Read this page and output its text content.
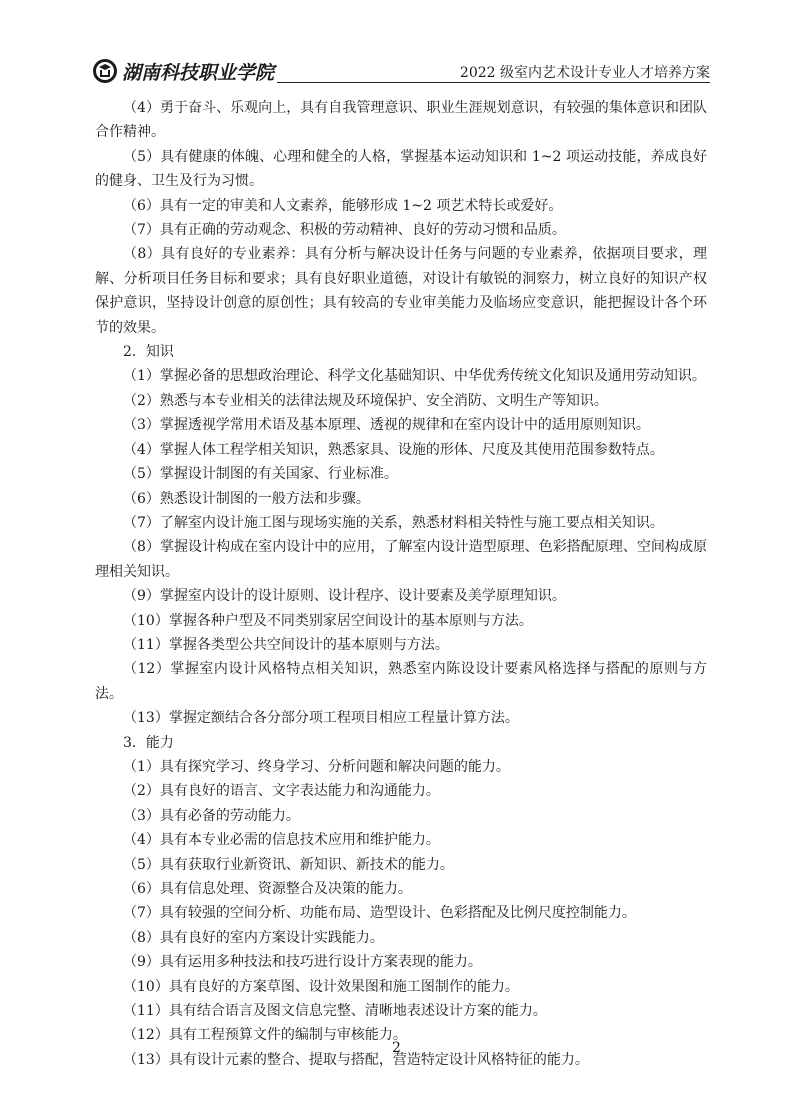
湖南科技职业学院	2022 级室内艺术设计专业人才培养方案

（4）勇于奋斗、乐观向上，具有自我管理意识、职业生涯规划意识，有较强的集体意识和团队合作精神。

（5）具有健康的体魄、心理和健全的人格，掌握基本运动知识和 1~2 项运动技能，养成良好的健身、卫生及行为习惯。

（6）具有一定的审美和人文素养，能够形成 1~2 项艺术特长或爱好。

（7）具有正确的劳动观念、积极的劳动精神、良好的劳动习惯和品质。

（8）具有良好的专业素养：具有分析与解决设计任务与问题的专业素养，依据项目要求，理解、分析项目任务目标和要求；具有良好职业道德，对设计有敏锐的洞察力，树立良好的知识产权保护意识，坚持设计创意的原创性；具有较高的专业审美能力及临场应变意识，能把握设计各个环节的效果。

2．知识

（1）掌握必备的思想政治理论、科学文化基础知识、中华优秀传统文化知识及通用劳动知识。

（2）熟悉与本专业相关的法律法规及环境保护、安全消防、文明生产等知识。

（3）掌握透视学常用术语及基本原理、透视的规律和在室内设计中的适用原则知识。

（4）掌握人体工程学相关知识，熟悉家具、设施的形体、尺度及其使用范围参数特点。

（5）掌握设计制图的有关国家、行业标准。

（6）熟悉设计制图的一般方法和步骤。

（7）了解室内设计施工图与现场实施的关系，熟悉材料相关特性与施工要点相关知识。

（8）掌握设计构成在室内设计中的应用，了解室内设计造型原理、色彩搭配原理、空间构成原理相关知识。

（9）掌握室内设计的设计原则、设计程序、设计要素及美学原理知识。

（10）掌握各种户型及不同类别家居空间设计的基本原则与方法。

（11）掌握各类型公共空间设计的基本原则与方法。

（12）掌握室内设计风格特点相关知识，熟悉室内陈设设计要素风格选择与搭配的原则与方法。

（13）掌握定额结合各分部分项工程项目相应工程量计算方法。

3．能力

（1）具有探究学习、终身学习、分析问题和解决问题的能力。

（2）具有良好的语言、文字表达能力和沟通能力。

（3）具有必备的劳动能力。

（4）具有本专业必需的信息技术应用和维护能力。

（5）具有获取行业新资讯、新知识、新技术的能力。

（6）具有信息处理、资源整合及决策的能力。

（7）具有较强的空间分析、功能布局、造型设计、色彩搭配及比例尺度控制能力。

（8）具有良好的室内方案设计实践能力。

（9）具有运用多种技法和技巧进行设计方案表现的能力。

（10）具有良好的方案草图、设计效果图和施工图制作的能力。

（11）具有结合语言及图文信息完整、清晰地表述设计方案的能力。

（12）具有工程预算文件的编制与审核能力。

（13）具有设计元素的整合、提取与搭配，营造特定设计风格特征的能力。

2
